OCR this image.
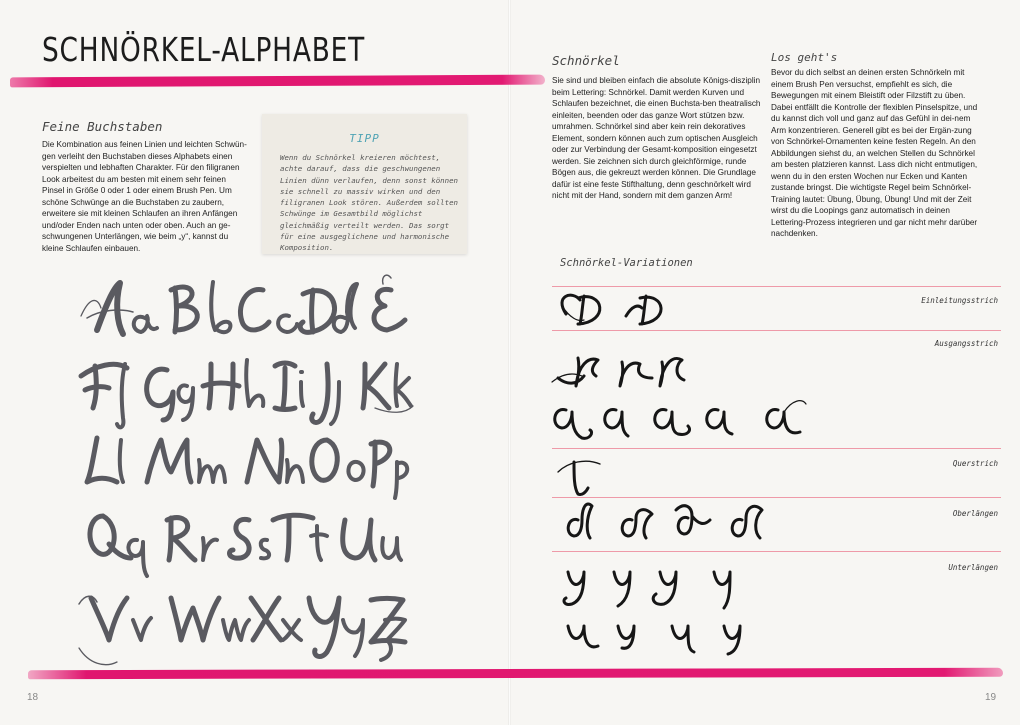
SCHNÖRKEL-ALPHABET
Feine Buchstaben
Die Kombination aus feinen Linien und leichten Schwün-gen verleiht den Buchstaben dieses Alphabets einen verspielten und lebhaften Charakter. Für den filigranen Look arbeitest du am besten mit einem sehr feinen Pinsel in Größe 0 oder 1 oder einem Brush Pen. Um schöne Schwünge an die Buchstaben zu zaubern, erweitere sie mit kleinen Schlaufen an ihren Anfängen und/oder Enden nach unten oder oben. Auch an ge-schwungenen Unterlängen, wie beim „y“, kannst du kleine Schlaufen einbauen.
TIPP
Wenn du Schnörkel kreieren möchtest, achte darauf, dass die geschwungenen Linien dünn verlaufen, denn sonst können sie schnell zu massiv wirken und den filigranen Look stören. Außerdem sollten Schwünge im Gesamtbild möglichst gleichmäßig verteilt werden. Das sorgt für eine ausgeglichene und harmonische Komposition.
18
Schnörkel
Sie sind und bleiben einfach die absolute Königs-disziplin beim Lettering: Schnörkel. Damit werden Kurven und Schlaufen bezeichnet, die einen Buchsta-ben theatralisch einleiten, beenden oder das ganze Wort stützen bzw. umrahmen. Schnörkel sind aber kein rein dekoratives Element, sondern können auch zum optischen Ausgleich oder zur Verbindung der Gesamt-komposition eingesetzt werden. Sie zeichnen sich durch gleichförmige, runde Bögen aus, die gekreuzt werden können. Die Grundlage dafür ist eine feste Stifthaltung, denn geschnörkelt wird nicht mit der Hand, sondern mit dem ganzen Arm!
Los geht's
Bevor du dich selbst an deinen ersten Schnörkeln mit einem Brush Pen versuchst, empfiehlt es sich, die Bewegungen mit einem Bleistift oder Filzstift zu üben. Dabei entfällt die Kontrolle der flexiblen Pinselspitze, und du kannst dich voll und ganz auf das Gefühl in dei-nem Arm konzentrieren. Generell gibt es bei der Ergän-zung von Schnörkel-Ornamenten keine festen Regeln. An den Abbildungen siehst du, an welchen Stellen du Schnörkel am besten platzieren kannst. Lass dich nicht entmutigen, wenn du in den ersten Wochen nur Ecken und Kanten zustande bringst. Die wichtigste Regel beim Schnörkel-Training lautet: Übung, Übung, Übung! Und mit der Zeit wirst du die Loopings ganz automatisch in deinen Lettering-Prozess integrieren und gar nicht mehr darüber nachdenken.
Schnörkel-Variationen
Einleitungsstrich
Ausgangsstrich
Querstrich
Oberlängen
Unterlängen
19
